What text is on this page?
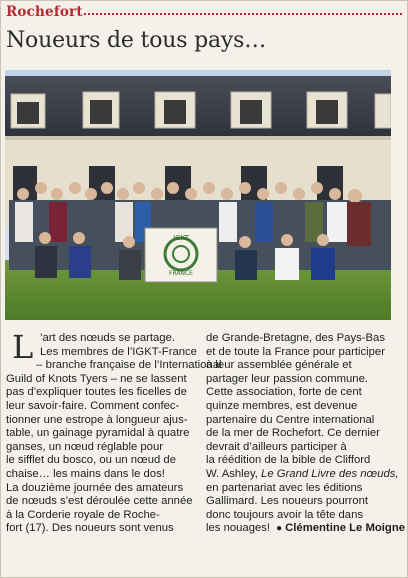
Rochefort
Noueurs de tous pays…
IGKT
FRANCE
L ’art des nœuds se partage.
Les membres de l’IGKT-France
– branche française de l’International
Guild of Knots Tyers – ne se lassent
pas d’expliquer toutes les ficelles de
leur savoir-faire. Comment confec-
tionner une estrope à longueur ajus-
table, un gainage pyramidal à quatre
ganses, un nœud réglable pour
le sifflet du bosco, ou un nœud de
chaise… les mains dans le dos!
La douzième journée des amateurs
de nœuds s’est déroulée cette année
à la Corderie royale de Roche-
fort (17). Des noueurs sont venus
de Grande-Bretagne, des Pays-Bas
et de toute la France pour participer
à leur assemblée générale et
partager leur passion commune.
Cette association, forte de cent
quinze membres, est devenue
partenaire du Centre international
de la mer de Rochefort. Ce dernier
devrait d’ailleurs participer à
la réédition de la bible de Clifford
W. Ashley, Le Grand Livre des nœuds,
en partenariat avec les éditions
Gallimard. Les noueurs pourront
donc toujours avoir la tête dans
les nouages! ● Clémentine Le Moigne
